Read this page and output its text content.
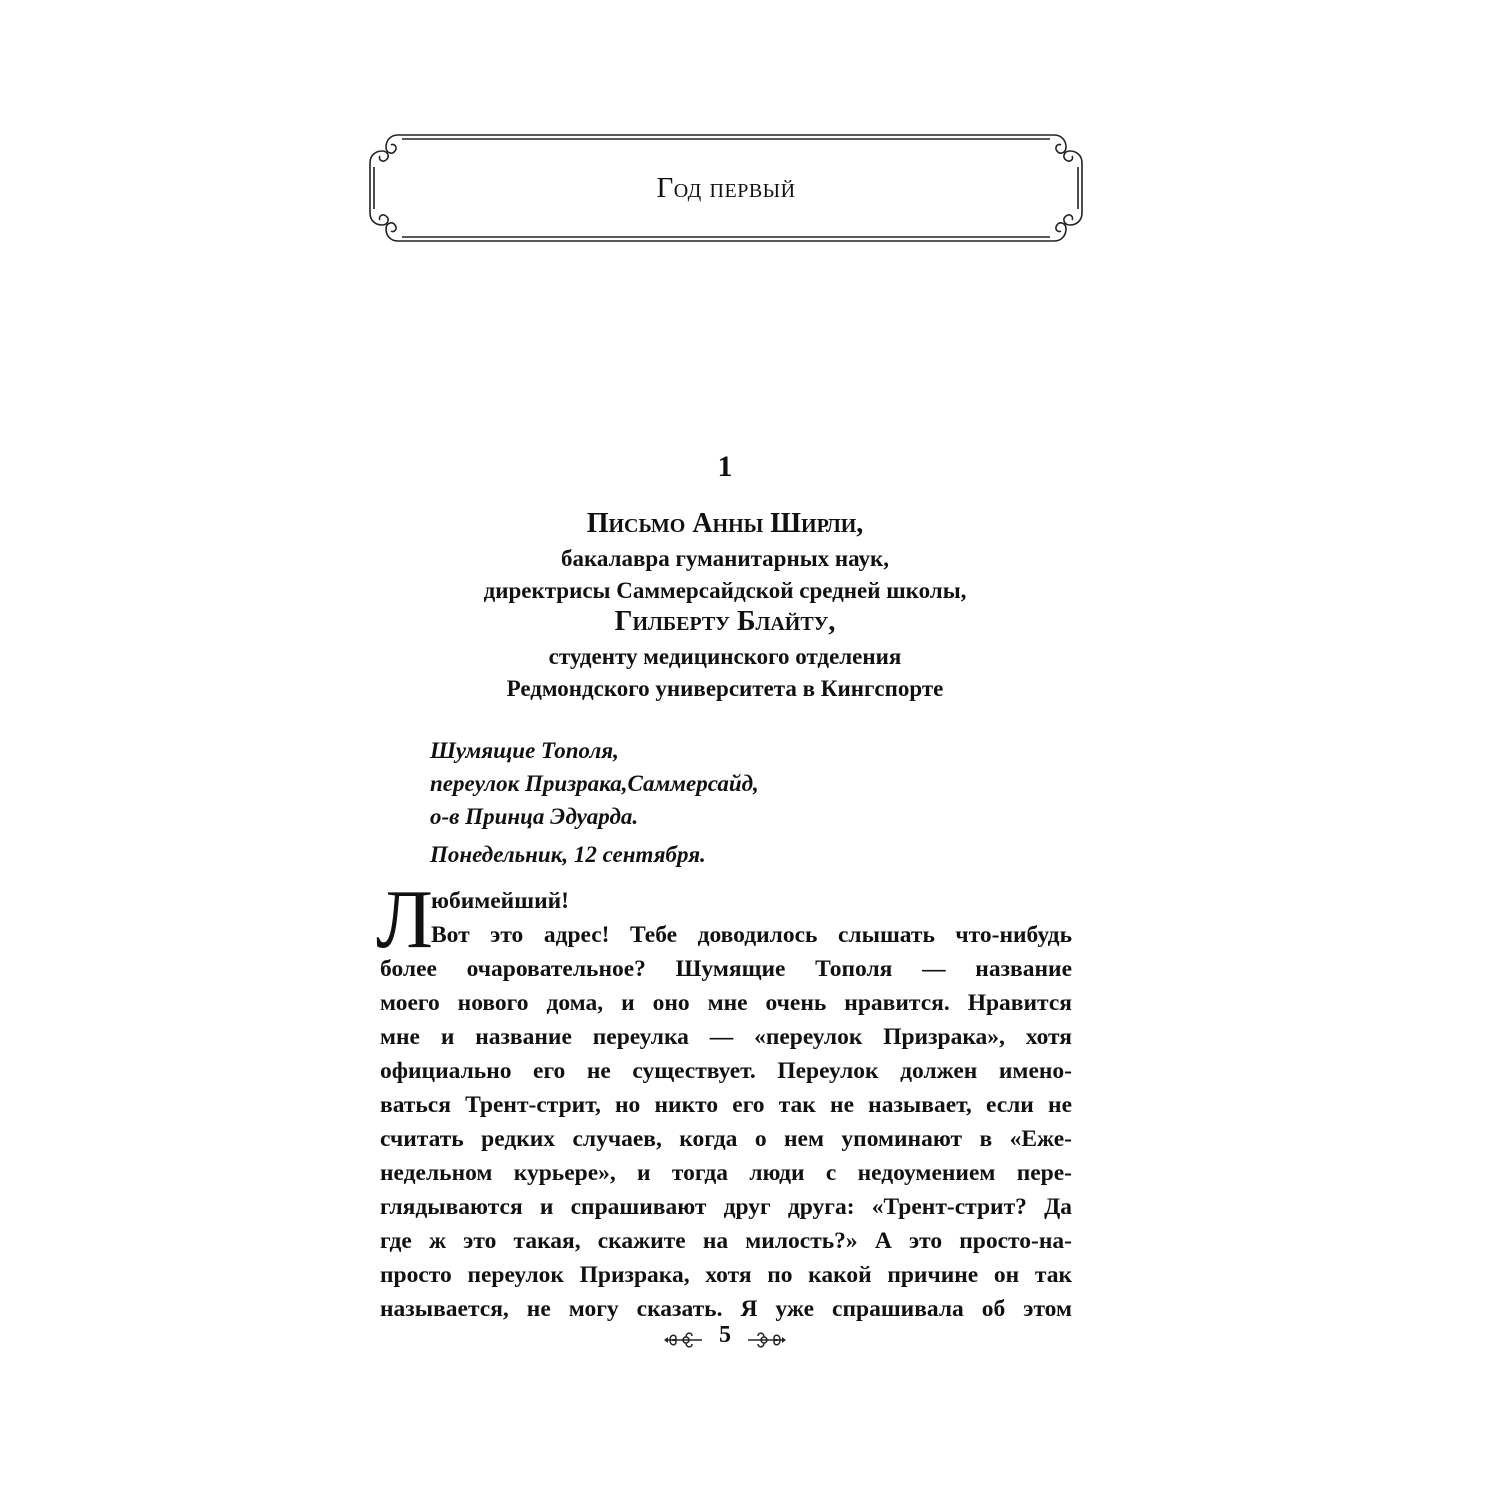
Год первый
1
Письмо Анны Ширли,
бакалавра гуманитарных наук,
директрисы Саммерсайдской средней школы,
Гилберту Блайту,
студенту медицинского отделения
Редмондского университета в Кингспорте
Шумящие Тополя,
переулок Призрака,Саммерсайд,
о-в Принца Эдуарда.
Понедельник, 12 сентября.
Л
юбимейший!
Вот это адрес! Тебе доводилось слышать что-нибудь
более очаровательное? Шумящие Тополя — название
моего нового дома, и оно мне очень нравится. Нравится
мне и название переулка — «переулок Призрака», хотя
официально его не существует. Переулок должен имено-
ваться Трент-стрит, но никто его так не называет, если не
считать редких случаев, когда о нем упоминают в «Еже-
недельном курьере», и тогда люди с недоумением пере-
глядываются и спрашивают друг друга: «Трент-стрит? Да
где ж это такая, скажите на милость?» А это просто-на-
просто переулок Призрака, хотя по какой причине он так
называется, не могу сказать. Я уже спрашивала об этом
5
